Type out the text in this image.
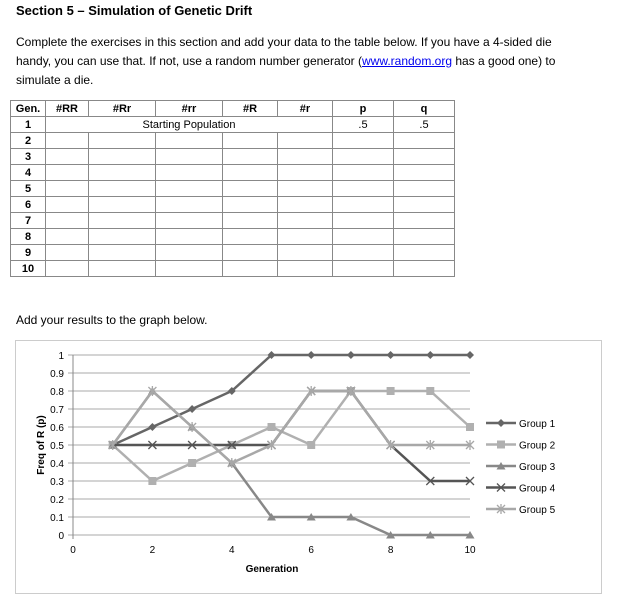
Section 5 – Simulation of Genetic Drift
Complete the exercises in this section and add your data to the table below. If you have a 4-sided die handy, you can use that. If not, use a random number generator (www.random.org has a good one) to simulate a die.
Gen.	#RR	#Rr	#rr	#R	#r	p	q
1	Starting Population					.5	.5
2							
3							
4							
5							
6							
7							
8							
9							
10							
Add your results to the graph below.
0
0.1
0.2
0.3
0.4
0.5
0.6
0.7
0.8
0.9
1
0	2	4	6	8	10
Generation
Freq of R (p)	Group 1
Group 2
Group 3
Group 4
Group 5
